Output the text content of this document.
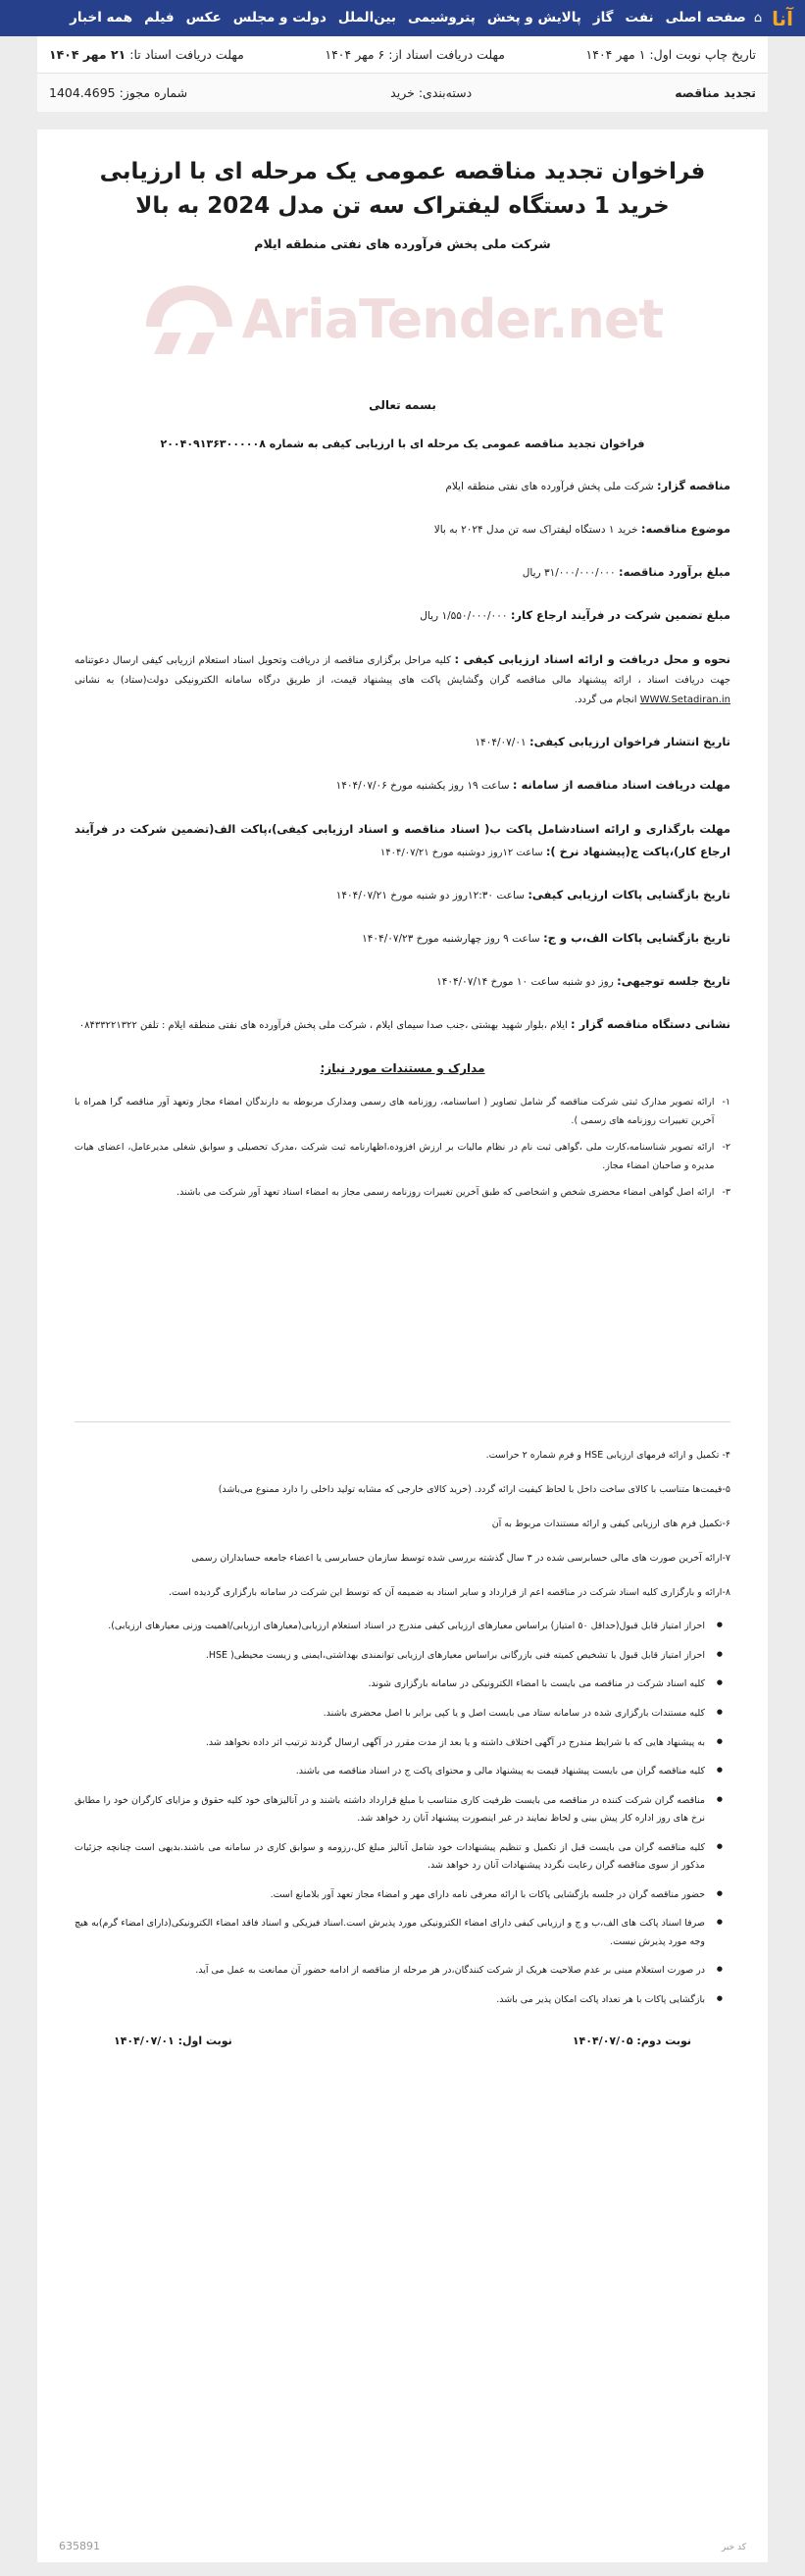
آنا
⌂
صفحه اصلی
نفت
گاز
پالایش و پخش
پتروشیمی
بین‌الملل
دولت و مجلس
عکس
فیلم
همه اخبار
تاریخ چاپ نوبت اول: ۱ مهر ۱۴۰۴
مهلت دریافت اسناد از: ۶ مهر ۱۴۰۴
مهلت دریافت اسناد تا: ۲۱ مهر ۱۴۰۴
تجدید مناقصه
دسته‌بندی: خرید
شماره مجوز: 1404.4695
فراخوان تجدید مناقصه عمومی یک مرحله ای با ارزیابی
خرید 1 دستگاه لیفتراک سه تن مدل 2024 به بالا
شرکت ملی پخش فرآورده های نفتی منطقه ایلام
AriaTender.net
بسمه تعالی
فراخوان تجدید مناقصه عمومی یک مرحله ای با ارزیابی کیفی به شماره ۲۰۰۴۰۹۱۳۶۳۰۰۰۰۰۸
مناقصه گزار: شرکت ملی پخش فرآورده های نفتی منطقه ایلام
موضوع مناقصه: خرید ۱ دستگاه لیفتراک سه تن مدل ۲۰۲۴ به بالا
مبلغ برآورد مناقصه: ۳۱/۰۰۰/۰۰۰/۰۰۰ ریال
مبلغ تضمین شرکت در فرآیند ارجاع کار: ۱/۵۵۰/۰۰۰/۰۰۰ ریال
نحوه و محل دریافت و ارائه اسناد ارزیابی کیفی : کلیه مراحل برگزاری مناقصه از دریافت وتحویل اسناد استعلام ازریابی کیفی ارسال دعوتنامه جهت دریافت اسناد ، ارائه پیشنهاد مالی مناقصه گران وگشایش پاکت های پیشنهاد قیمت، از طریق درگاه سامانه الکترونیکی دولت(ستاد) به نشانی WWW.Setadiran.in انجام می گردد.
تاریخ انتشار فراخوان ارزیابی کیفی: ۱۴۰۴/۰۷/۰۱
مهلت دریافت اسناد مناقصه از سامانه : ساعت ۱۹ روز یکشنبه مورخ ۱۴۰۴/۰۷/۰۶
مهلت بارگذاری و ارائه اسنادشامل پاکت ب( اسناد مناقصه و اسناد ارزیابی کیفی)،پاکت الف(تضمین شرکت در فرآیند ارجاع کار)،پاکت ج(پیشنهاد نرخ ): ساعت ۱۲روز دوشنبه مورخ ۱۴۰۴/۰۷/۲۱
تاریخ بازگشایی پاکات ارزیابی کیفی: ساعت ۱۲:۳۰روز دو شنبه مورخ ۱۴۰۴/۰۷/۲۱
تاریخ بازگشایی پاکات الف،ب و ج: ساعت ۹ روز چهارشنبه مورخ ۱۴۰۴/۰۷/۲۳
تاریخ جلسه توجیهی: روز دو شنبه ساعت ۱۰ مورخ ۱۴۰۴/۰۷/۱۴
نشانی دستگاه مناقصه گزار : ایلام ،بلوار شهید بهشتی ،جنب صدا سیمای ایلام ، شرکت ملی پخش فرآورده های نفتی منطقه ایلام : تلفن ۰۸۴۳۳۲۲۱۳۲۲
مدارک و مستندات مورد نیاز:
۱-
ارائه تصویر مدارک ثبتی شرکت مناقصه گر شامل تصاویر ( اساسنامه، روزنامه های رسمی ومدارک مربوطه به دارندگان امضاء مجاز وتعهد آور مناقصه گرا همراه با آخرین تغییرات روزنامه های رسمی ).
۲-
ارائه تصویر شناسنامه،کارت ملی ،گواهی ثبت نام در نظام مالیات بر ارزش افزوده،اظهارنامه ثبت شرکت ،مدرک تحصیلی و سوابق شغلی مدیرعامل، اعضای هیات مدیره و صاحبان امضاء مجاز.
۳-
ارائه اصل گواهی امضاء محضری شخص و اشخاصی که طبق آخرین تغییرات روزنامه رسمی مجاز به امضاء اسناد تعهد آور شرکت می باشند.
۴- تکمیل و ارائه فرمهای ارزیابی HSE و فرم شماره ۲ حراست.
۵-قیمت‌ها متناسب با کالای ساخت داخل با لحاظ کیفیت ارائه گردد. (خرید کالای خارجی که مشابه تولید داخلی را دارد ممنوع می‌باشد)
۶-تکمیل فرم های ارزیابی کیفی و ارائه مستندات مربوط به آن
۷-ارائه آخرین صورت های مالی حسابرسی شده در ۳ سال گذشته بررسی شده توسط سازمان حسابرسی یا اعضاء جامعه حسابداران رسمی
۸-ارائه و بارگزاری کلیه اسناد شرکت در مناقصه اعم از قرارداد و سایر اسناد به ضمیمه آن که توسط این شرکت در سامانه بارگزاری گردیده است.
● احراز امتیاز قابل قبول(حداقل ۵۰ امتیاز) براساس معیارهای ارزیابی کیفی مندرج در اسناد استعلام ارزیابی(معیارهای ارزیابی/اهمیت وزنی معیارهای ارزیابی).
● احراز امتیاز قابل قبول یا تشخیص کمیته فنی بازرگانی براساس معیارهای ارزیابی توانمندی بهداشتی،ایمنی و زیست محیطی( HSE.
● کلیه اسناد شرکت در مناقصه می بایست با امضاء الکترونیکی در سامانه بارگزاری شوند.
● کلیه مستندات بارگزاری شده در سامانه ستاد می بایست اصل و یا کپی برابر با اصل محضری باشند.
● به پیشنهاد هایی که با شرایط مندرج در آگهی اختلاف داشته و یا بعد از مدت مقرر در آگهی ارسال گردند ترتیب اثر داده نخواهد شد.
● کلیه مناقصه گران می بایست پیشنهاد قیمت به پیشنهاد مالی و محتوای پاکت ج در اسناد مناقصه می باشند.
● مناقصه گران شرکت کننده در مناقصه می بایست ظرفیت کاری متناسب با مبلغ قرارداد داشته باشند و در آنالیزهای خود کلیه حقوق و مزایای کارگران خود را مطابق نرخ های روز اداره کار پیش بینی و لحاظ نمایند در غیر اینصورت پیشنهاد آنان رد خواهد شد.
● کلیه مناقصه گران می بایست قبل از تکمیل و تنظیم پیشنهادات خود شامل آنالیز مبلغ کل،رزومه و سوابق کاری در سامانه می باشند.بدیهی است چنانچه جزئیات مذکور از سوی مناقصه گران رعایت نگردد پیشنهادات آنان رد خواهد شد.
● حضور مناقصه گران در جلسه بازگشایی پاکات با ارائه معرفی نامه دارای مهر و امضاء مجاز تعهد آور بلامانع است.
● صرفا اسناد پاکت های الف،ب و ج و ارزیابی کیفی دارای امضاء الکترونیکی مورد پذیرش است.اسناد فیزیکی و اسناد فاقد امضاء الکترونیکی(دارای امضاء گرم)به هیچ وجه مورد پذیرش نیست.
● در صورت استعلام مبنی بر عدم صلاحیت هریک از شرکت کنندگان،در هر مرحله از مناقصه از ادامه حضور آن ممانعت به عمل می آید.
● بازگشایی پاکات با هر تعداد پاکت امکان پذیر می باشد.
نوبت دوم: ۱۴۰۴/۰۷/۰۵
نوبت اول: ۱۴۰۴/۰۷/۰۱
کد خبر
635891
